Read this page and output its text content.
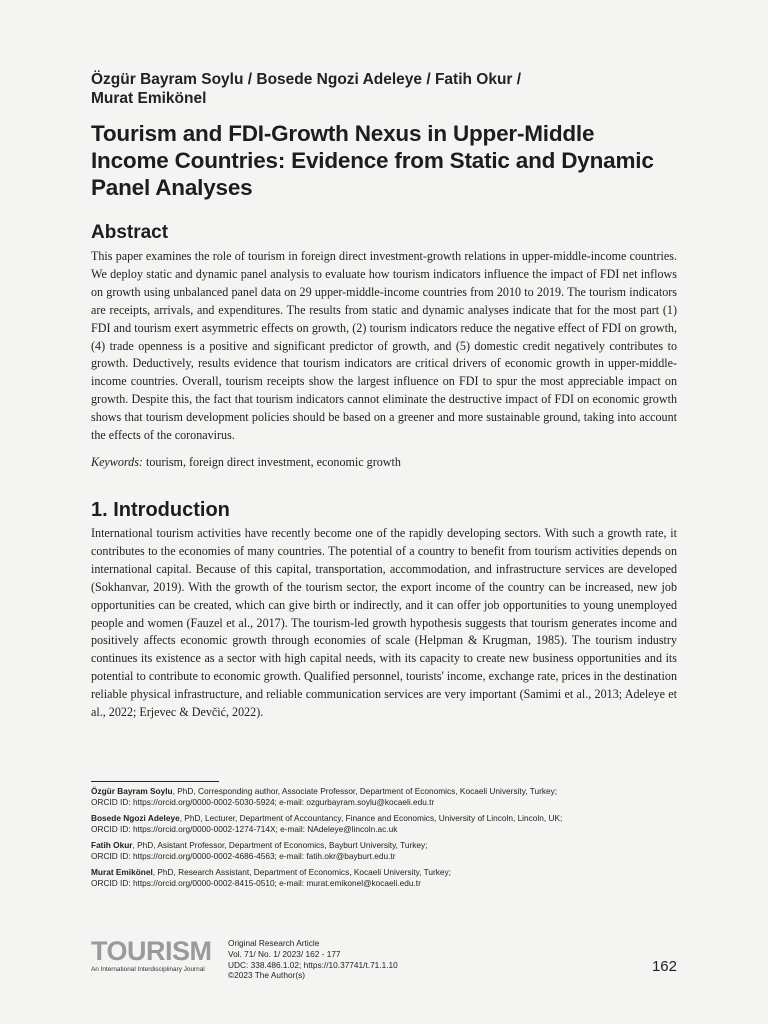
Özgür Bayram Soylu / Bosede Ngozi Adeleye / Fatih Okur /
Murat Emikönel

Tourism and FDI-Growth Nexus in Upper-Middle Income Countries: Evidence from Static and Dynamic Panel Analyses
Abstract

This paper examines the role of tourism in foreign direct investment-growth relations in upper-middle-income countries. We deploy static and dynamic panel analysis to evaluate how tourism indicators influence the impact of FDI net inflows on growth using unbalanced panel data on 29 upper-middle-income countries from 2010 to 2019. The tourism indicators are receipts, arrivals, and expenditures. The results from static and dynamic analyses indicate that for the most part (1) FDI and tourism exert asymmetric effects on growth, (2) tourism indicators reduce the negative effect of FDI on growth, (4) trade openness is a positive and significant predictor of growth, and (5) domestic credit negatively contributes to growth. Deductively, results evidence that tourism indicators are critical drivers of economic growth in upper-middle-income countries. Overall, tourism receipts show the largest influence on FDI to spur the most appreciable impact on growth. Despite this, the fact that tourism indicators cannot eliminate the destructive impact of FDI on economic growth shows that tourism development policies should be based on a greener and more sustainable ground, taking into account the effects of the coronavirus.

Keywords: tourism, foreign direct investment, economic growth

1. Introduction

International tourism activities have recently become one of the rapidly developing sectors. With such a growth rate, it contributes to the economies of many countries. The potential of a country to benefit from tourism activities depends on international capital. Because of this capital, transportation, accommodation, and infrastructure services are developed (Sokhanvar, 2019). With the growth of the tourism sector, the export income of the country can be increased, new job opportunities can be created, which can give birth or indirectly, and it can offer job opportunities to young unemployed people and women (Fauzel et al., 2017). The tourism-led growth hypothesis suggests that tourism generates income and positively affects economic growth through economies of scale (Helpman & Krugman, 1985). The tourism industry continues its existence as a sector with high capital needs, with its capacity to create new business opportunities and its potential to contribute to economic growth. Qualified personnel, tourists' income, exchange rate, prices in the destination reliable physical infrastructure, and reliable communication services are very important (Samimi et al., 2013; Adeleye et al., 2022; Erjevec & Devčić, 2022).

Özgür Bayram Soylu, PhD, Corresponding author, Associate Professor, Department of Economics, Kocaeli University, Turkey;
ORCID ID: https://orcid.org/0000-0002-5030-5924; e-mail: ozgurbayram.soylu@kocaeli.edu.tr

Bosede Ngozi Adeleye, PhD, Lecturer, Department of Accountancy, Finance and Economics, University of Lincoln, Lincoln, UK;
ORCID ID: https://orcid.org/0000-0002-1274-714X; e-mail: NAdeleye@lincoln.ac.uk

Fatih Okur, PhD, Asistant Professor, Department of Economics, Bayburt University, Turkey;
ORCID ID: https://orcid.org/0000-0002-4686-4563; e-mail: fatih.okr@bayburt.edu.tr

Murat Emikönel, PhD, Research Assistant, Department of Economics, Kocaeli University, Turkey;
ORCID ID: https://orcid.org/0000-0002-8415-0510; e-mail: murat.emikonel@kocaeli.edu.tr

TOURISM
An International Interdisciplinary Journal
Original Research Article
Vol. 71/ No. 1/ 2023/ 162 - 177
UDC: 338.486.1.02; https://10.37741/t.71.1.10
©2023 The Author(s)
162
